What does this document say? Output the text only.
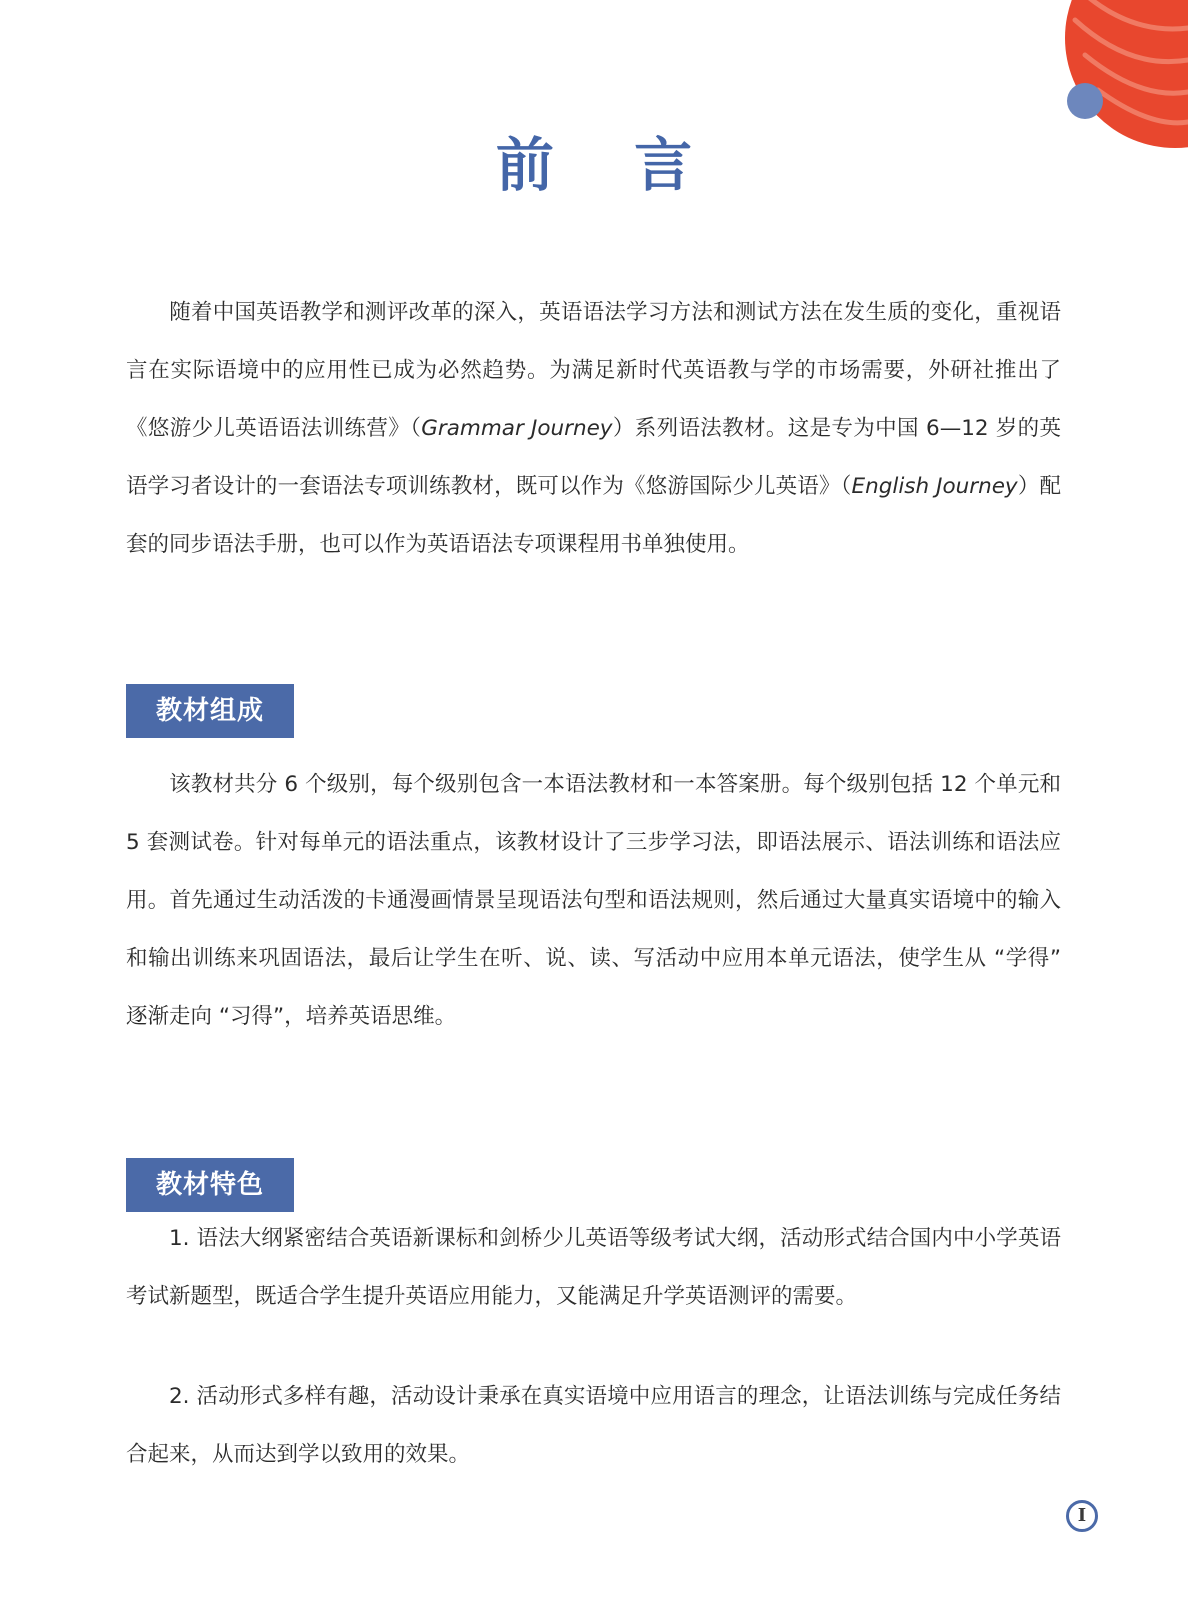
前 言

随着中国英语教学和测评改革的深入，英语语法学习方法和测试方法在发生质的变化，重视语言在实际语境中的应用性已成为必然趋势。为满足新时代英语教与学的市场需要，外研社推出了《悠游少儿英语语法训练营》（Grammar Journey）系列语法教材。这是专为中国 6—12 岁的英语学习者设计的一套语法专项训练教材，既可以作为《悠游国际少儿英语》（English Journey）配套的同步语法手册，也可以作为英语语法专项课程用书单独使用。

教材组成

该教材共分 6 个级别，每个级别包含一本语法教材和一本答案册。每个级别包括 12 个单元和 5 套测试卷。针对每单元的语法重点，该教材设计了三步学习法，即语法展示、语法训练和语法应用。首先通过生动活泼的卡通漫画情景呈现语法句型和语法规则，然后通过大量真实语境中的输入和输出训练来巩固语法，最后让学生在听、说、读、写活动中应用本单元语法，使学生从 “学得” 逐渐走向 “习得”，培养英语思维。

教材特色

1. 语法大纲紧密结合英语新课标和剑桥少儿英语等级考试大纲，活动形式结合国内中小学英语考试新题型，既适合学生提升英语应用能力，又能满足升学英语测评的需要。

2. 活动形式多样有趣，活动设计秉承在真实语境中应用语言的理念，让语法训练与完成任务结合起来，从而达到学以致用的效果。

I
